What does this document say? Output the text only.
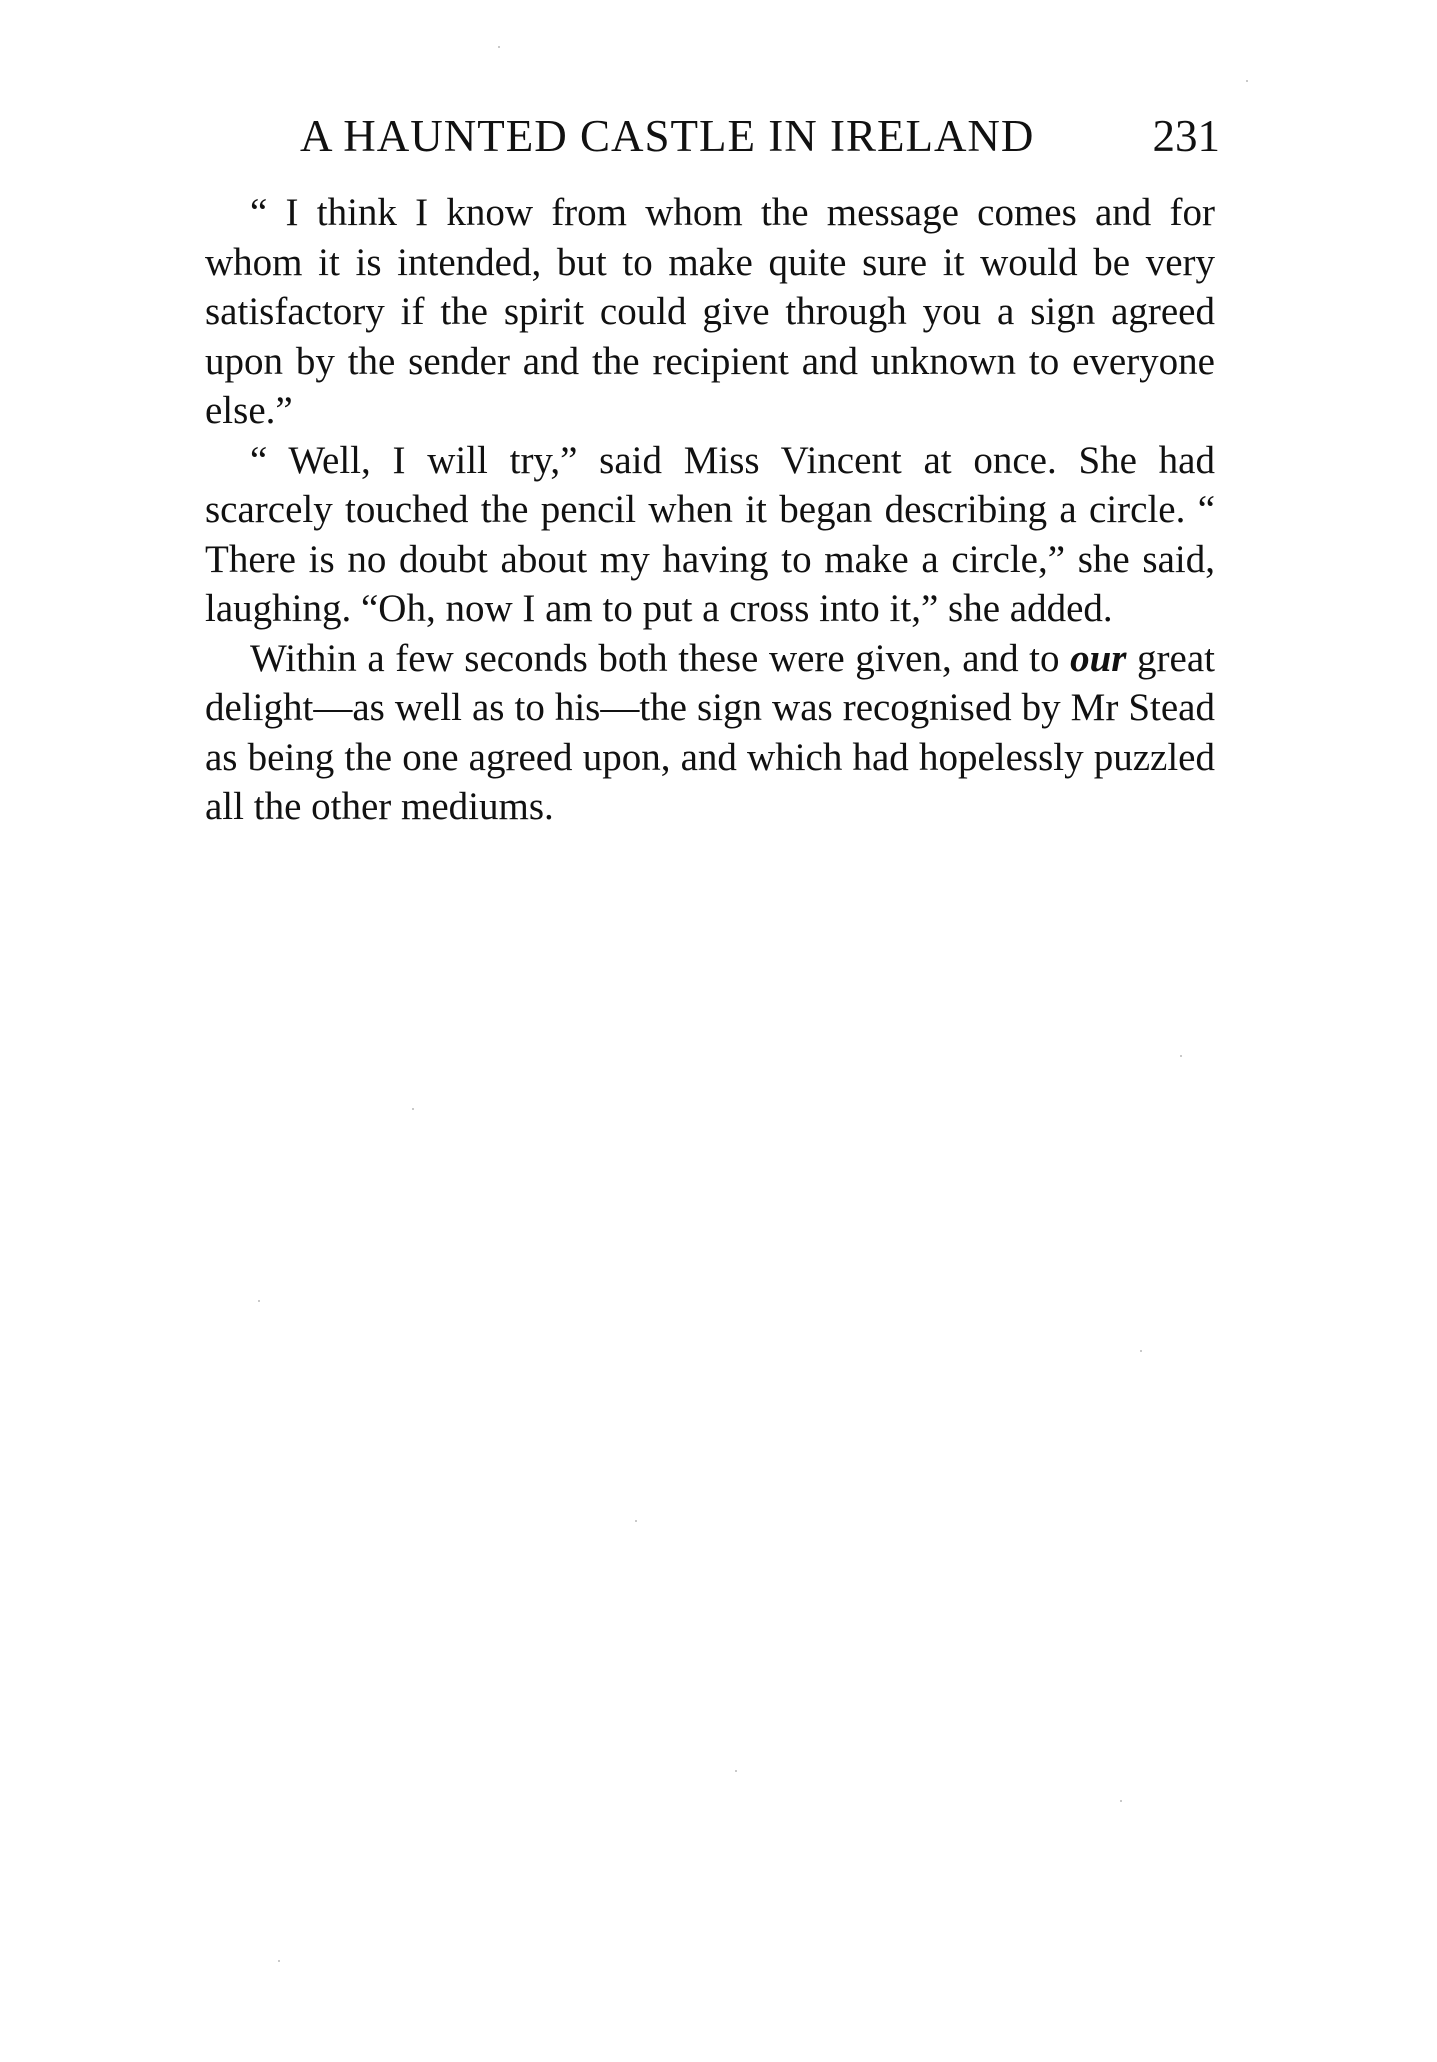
A HAUNTED CASTLE IN IRELAND	231

“ I think I know from whom the message comes and for whom it is intended, but to make quite sure it would be very satisfactory if the spirit could give through you a sign agreed upon by the sender and the recipient and unknown to everyone else.”

“ Well, I will try,” said Miss Vincent at once. She had scarcely touched the pencil when it began describing a circle. “ There is no doubt about my having to make a circle,” she said, laughing. “Oh, now I am to put a cross into it,” she added.

Within a few seconds both these were given, and to our great delight—as well as to his—the sign was recognised by Mr Stead as being the one agreed upon, and which had hopelessly puzzled all the other mediums.
